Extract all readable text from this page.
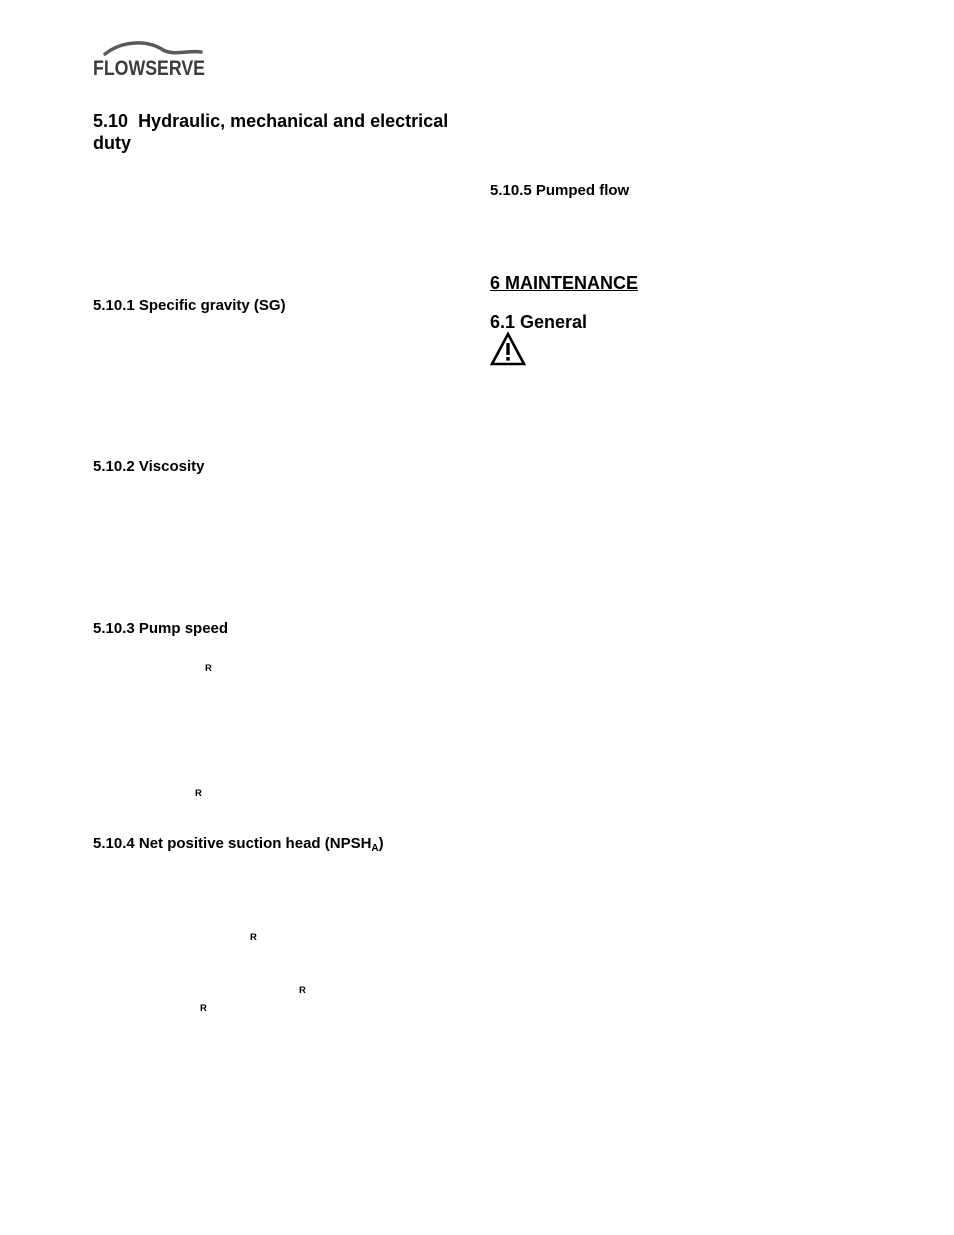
FLOWSERVE
5.10 Hydraulic, mechanical and electrical
duty
5.10.1 Specific gravity (SG)
5.10.2 Viscosity
5.10.3 Pump speed
R
R
5.10.4 Net positive suction head $(NPSH_A)$
R
R
R
5.10.5 Pumped flow
6 MAINTENANCE
6.1 General
